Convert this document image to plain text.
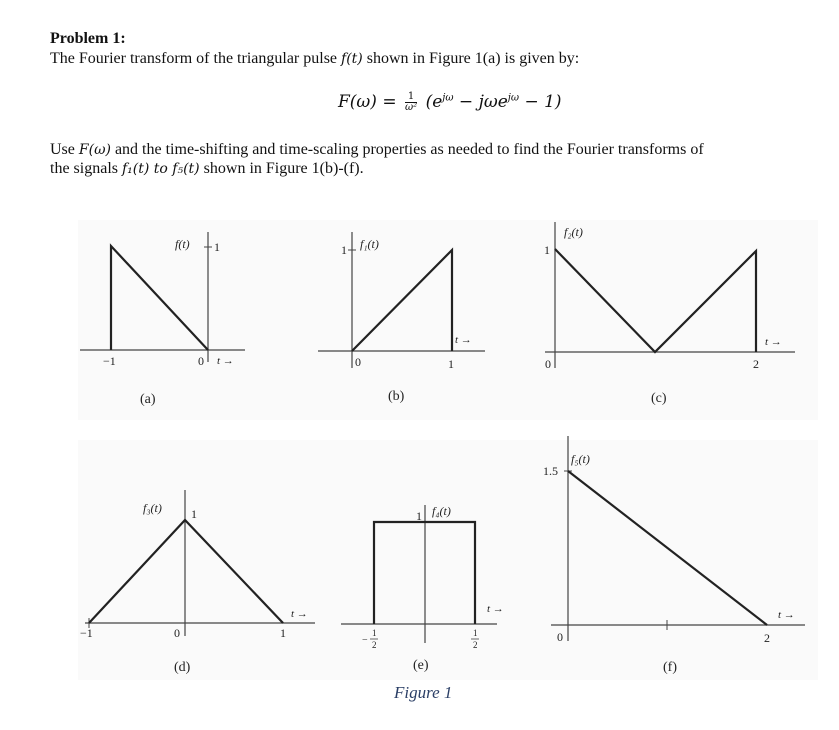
Problem 1:
The Fourier transform of the triangular pulse f(t) shown in Figure 1(a) is given by:
$F(\omega) = \frac{1}{\text{ω²}} (e^{j\omega} - j\omega e^{j\omega} - 1)$
Use F(ω) and the time-shifting and time-scaling properties as needed to find the Fourier transforms of
the signals f₁(t) to f₅(t) shown in Figure 1(b)-(f).
f(t) 1
−1	0 t →
(a)
1 f₁(t)
0	1
t →
(b)
f₂(t)
1
0	2
t →
(c)
f₃(t) 1
−1	0	1
t →
(d)
1 f₄(t)
−
1
2
1
2
t →
(e)
f₅(t)
1.5
0	2
t →
(f)
Figure 1
